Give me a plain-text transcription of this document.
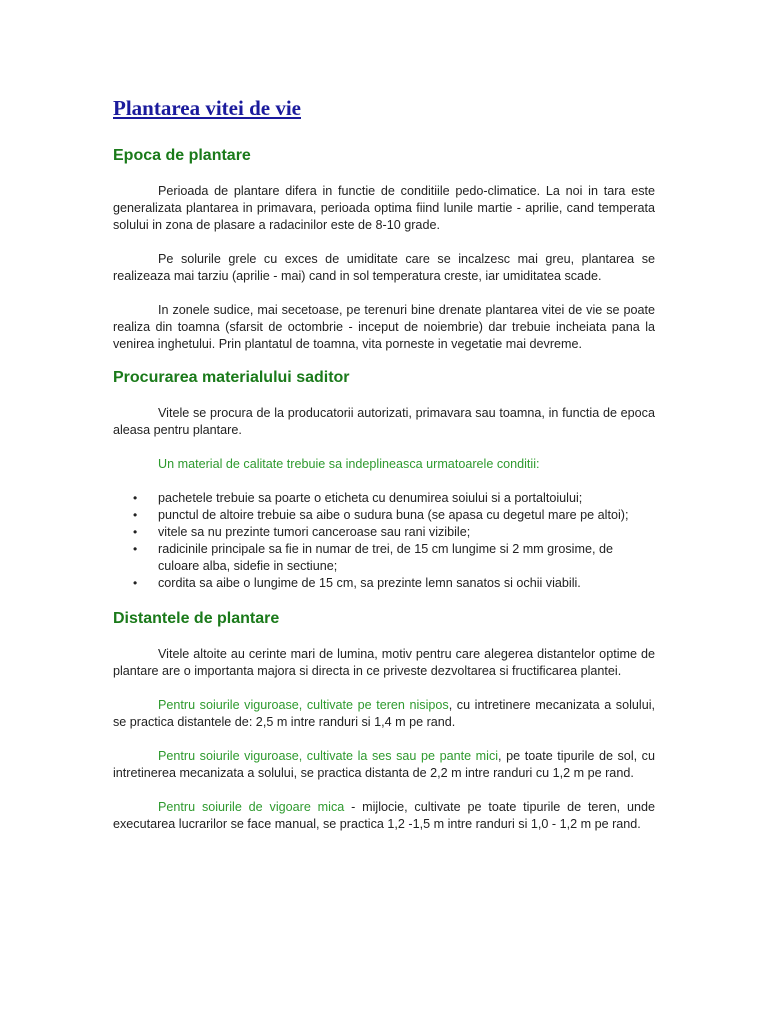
Plantarea vitei de vie
Epoca de plantare

Perioada de plantare difera in functie de conditiile pedo-climatice. La noi in tara este generalizata plantarea in primavara, perioada optima fiind lunile martie - aprilie, cand temperata solului in zona de plasare a radacinilor este de 8-10 grade.

Pe solurile grele cu exces de umiditate care se incalzesc mai greu, plantarea se realizeaza mai tarziu (aprilie - mai) cand in sol temperatura creste, iar umiditatea scade.

In zonele sudice, mai secetoase, pe terenuri bine drenate plantarea vitei de vie se poate realiza din toamna (sfarsit de octombrie - inceput de noiembrie) dar trebuie incheiata pana la venirea inghetului. Prin plantatul de toamna, vita porneste in vegetatie mai devreme.

Procurarea materialului saditor

Vitele se procura de la producatorii autorizati, primavara sau toamna, in functia de epoca aleasa pentru plantare.

Un material de calitate trebuie sa indeplineasca urmatoarele conditii:

• pachetele trebuie sa poarte o eticheta cu denumirea soiului si a portaltoiului;
• punctul de altoire trebuie sa aibe o sudura buna (se apasa cu degetul mare pe altoi);
• vitele sa nu prezinte tumori canceroase sau rani vizibile;
• radicinile principale sa fie in numar de trei, de 15 cm lungime si 2 mm grosime, de culoare alba, sidefie in sectiune;
• cordita sa aibe o lungime de 15 cm, sa prezinte lemn sanatos si ochii viabili.
Distantele de plantare

Vitele altoite au cerinte mari de lumina, motiv pentru care alegerea distantelor optime de plantare are o importanta majora si directa in ce priveste dezvoltarea si fructificarea plantei.

Pentru soiurile viguroase, cultivate pe teren nisipos, cu intretinere mecanizata a solului, se practica distantele de: 2,5 m intre randuri si 1,4 m pe rand.

Pentru soiurile viguroase, cultivate la ses sau pe pante mici, pe toate tipurile de sol, cu intretinerea mecanizata a solului, se practica distanta de 2,2 m intre randuri cu 1,2 m pe rand.

Pentru soiurile de vigoare mica - mijlocie, cultivate pe toate tipurile de teren, unde executarea lucrarilor se face manual, se practica 1,2 -1,5 m intre randuri si 1,0 - 1,2 m pe rand.
